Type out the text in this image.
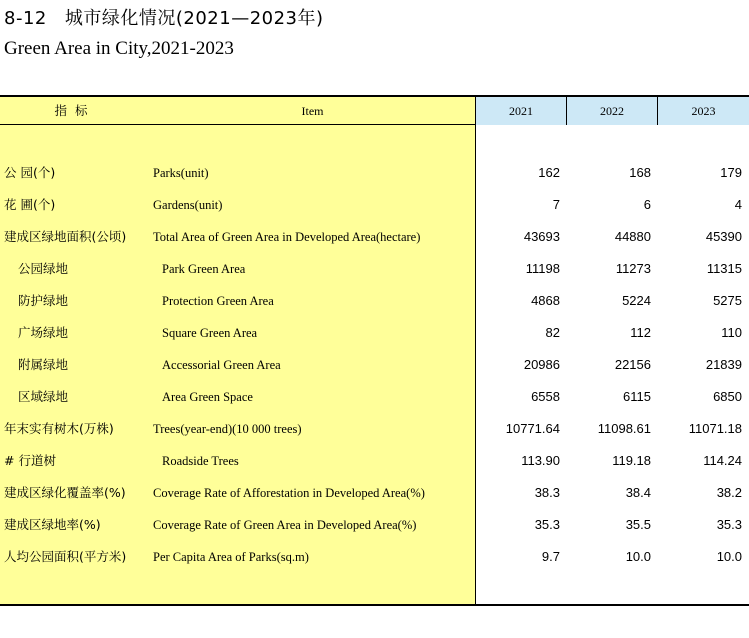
8-12 城市绿化情况(2021—2023年)
Green Area in City,2021-2023
指标	Item	2021	2022	2023
公 园(个)	Parks(unit)	162	168	179
花 圃(个)	Gardens(unit)	7	6	4
建成区绿地面积(公顷) Total Area of Green Area in Developed Area(hectare)	43693	44880	45390
公园绿地	Park Green Area	11198	11273	11315
防护绿地	Protection Green Area	4868	5224	5275
广场绿地	Square Green Area	82	112	110
附属绿地	Accessorial Green Area	20986	22156	21839
区域绿地	Area Green Space	6558	6115	6850
年末实有树木(万株)	Trees(year-end)(10 000 trees)	10771.64	11098.61	11071.18
# 行道树	Roadside Trees	113.90	119.18	114.24
建成区绿化覆盖率(%) Coverage Rate of Afforestation in Developed Area(%)	38.3	38.4	38.2
建成区绿地率(%)	Coverage Rate of Green Area in Developed Area(%)	35.3	35.5	35.3
人均公园面积(平方米) Per Capita Area of Parks(sq.m)	9.7	10.0	10.0
